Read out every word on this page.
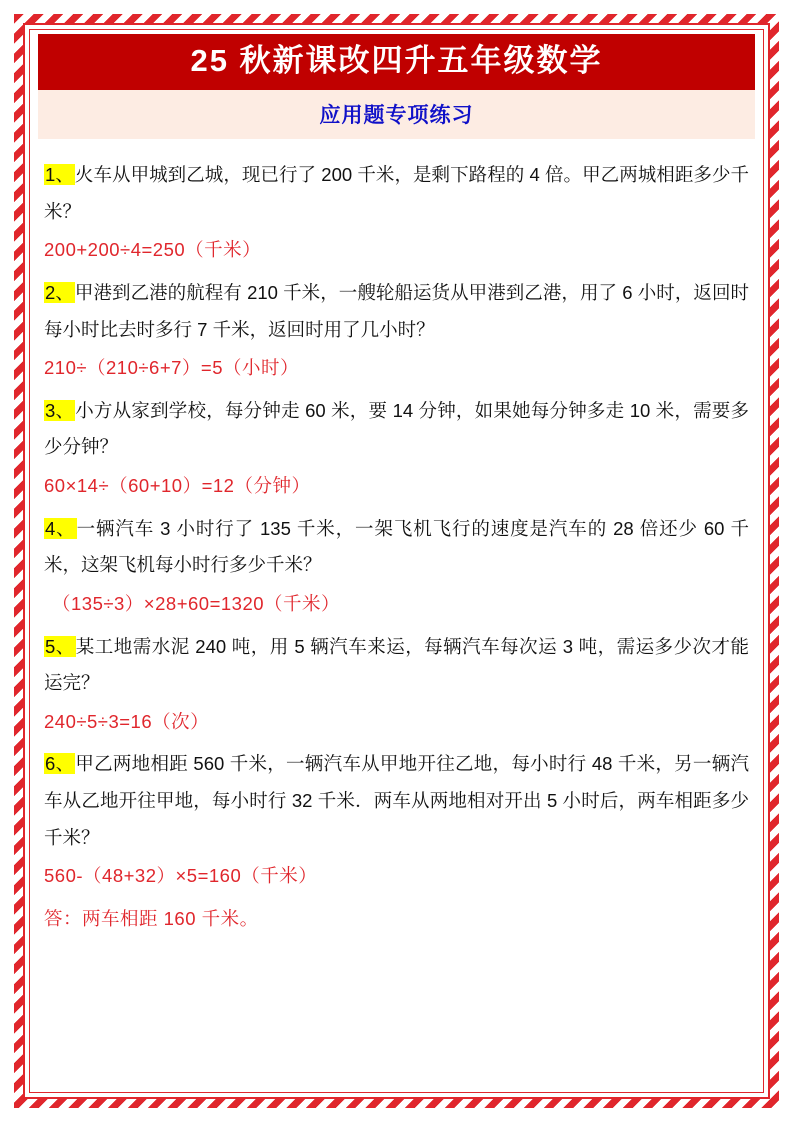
25 秋新课改四升五年级数学
应用题专项练习

1、火车从甲城到乙城，现已行了 200 千米，是剩下路程的 4 倍。甲乙两城相距多少千米？

200+200÷4=250（千米）

2、甲港到乙港的航程有 210 千米，一艘轮船运货从甲港到乙港，用了 6 小时，返回时每小时比去时多行 7 千米，返回时用了几小时？

210÷（210÷6+7）=5（小时）

3、小方从家到学校，每分钟走 60 米，要 14 分钟，如果她每分钟多走 10 米，需要多少分钟？

60×14÷（60+10）=12（分钟）

4、一辆汽车 3 小时行了 135 千米，一架飞机飞行的速度是汽车的 28 倍还少 60 千米，这架飞机每小时行多少千米？

（135÷3）×28+60=1320（千米）

5、某工地需水泥 240 吨，用 5 辆汽车来运，每辆汽车每次运 3 吨，需运多少次才能运完？

240÷5÷3=16（次）

6、甲乙两地相距 560 千米，一辆汽车从甲地开往乙地，每小时行 48 千米，另一辆汽车从乙地开往甲地，每小时行 32 千米．两车从两地相对开出 5 小时后，两车相距多少千米？

560-（48+32）×5=160（千米）

答：两车相距 160 千米。
